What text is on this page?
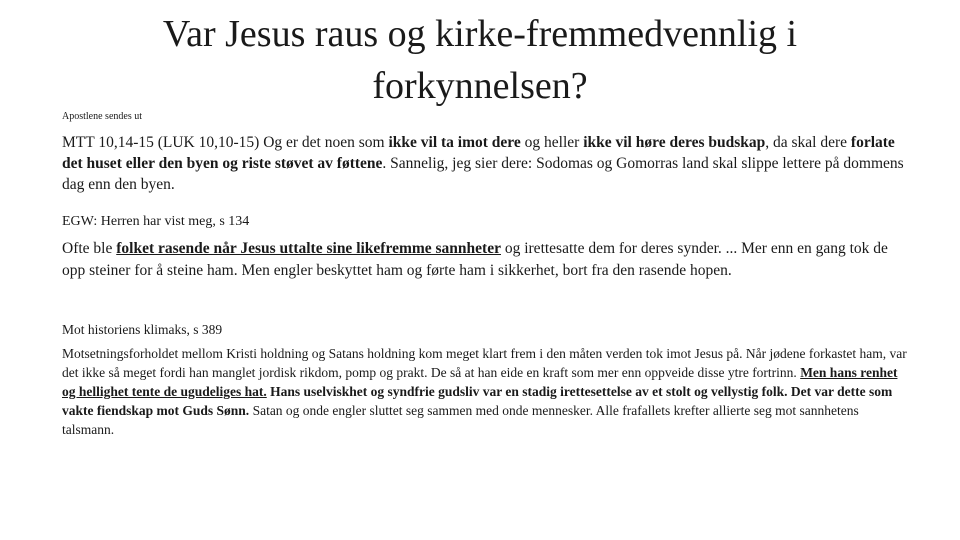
Var Jesus raus og kirke-fremmedvennlig i forkynnelsen?
Apostlene sendes ut
MTT 10,14-15 (LUK 10,10-15) Og er det noen som ikke vil ta imot dere og heller ikke vil høre deres budskap, da skal dere forlate det huset eller den byen og riste støvet av føttene. Sannelig, jeg sier dere: Sodomas og Gomorras land skal slippe lettere på dommens dag enn den byen.
EGW: Herren har vist meg, s 134
Ofte ble folket rasende når Jesus uttalte sine likefremme sannheter og irettesatte dem for deres synder. ... Mer enn en gang tok de opp steiner for å steine ham. Men engler beskyttet ham og førte ham i sikkerhet, bort fra den rasende hopen.
Mot historiens klimaks, s 389
Motsetningsforholdet mellom Kristi holdning og Satans holdning kom meget klart frem i den måten verden tok imot Jesus på. Når jødene forkastet ham, var det ikke så meget fordi han manglet jordisk rikdom, pomp og prakt. De så at han eide en kraft som mer enn oppveide disse ytre fortrinn. Men hans renhet og hellighet tente de ugudeliges hat. Hans uselviskhet og syndfrie gudsliv var en stadig irettesettelse av et stolt og vellystig folk. Det var dette som vakte fiendskap mot Guds Sønn. Satan og onde engler sluttet seg sammen med onde mennesker. Alle frafallets krefter allierte seg mot sannhetens talsmann.
